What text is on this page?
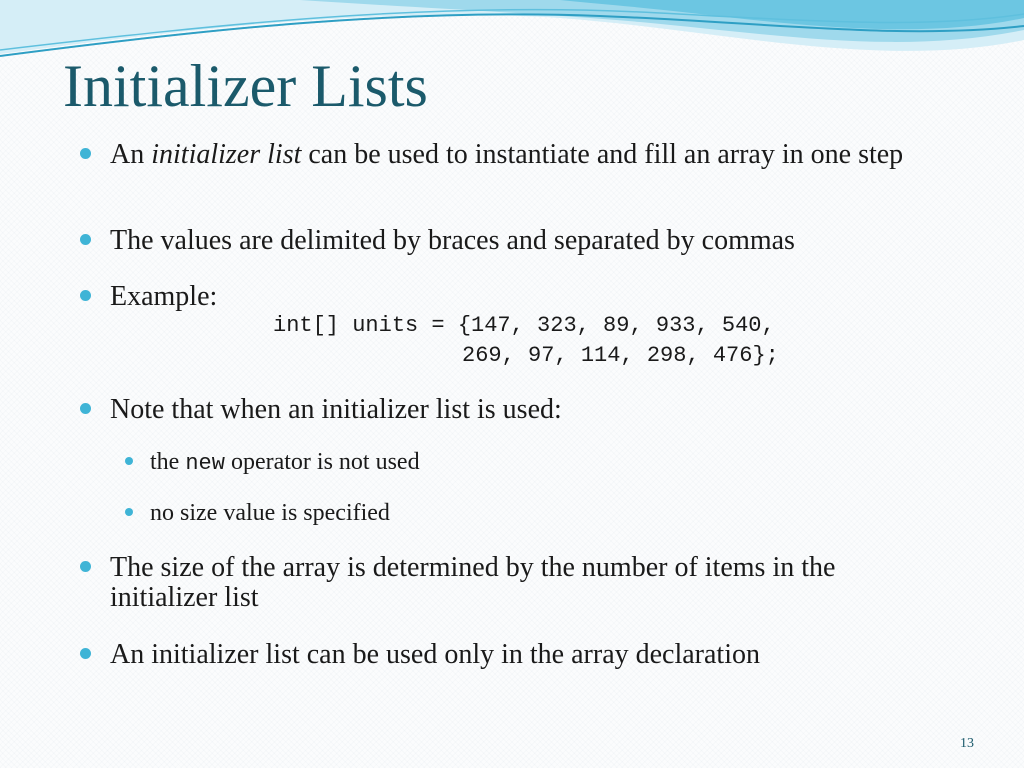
Initializer Lists
An initializer list can be used to instantiate and fill an array in one step
The values are delimited by braces and separated by commas
Example:
int[] units = {147, 323, 89, 933, 540,
269, 97, 114, 298, 476};
Note that when an initializer list is used:
the new operator is not used
no size value is specified
The size of the array is determined by the number of items in the initializer list
An initializer list can be used only in the array declaration
13
